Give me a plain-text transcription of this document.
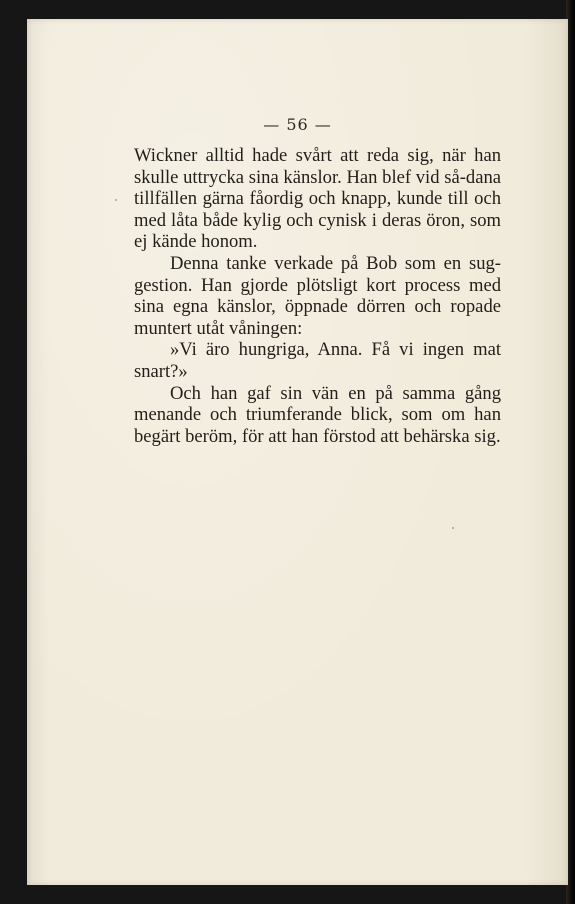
— 56 —

Wickner alltid hade svårt att reda sig, när han skulle uttrycka sina känslor. Han blef vid så-dana tillfällen gärna fåordig och knapp, kunde till och med låta både kylig och cynisk i deras öron, som ej kände honom.

Denna tanke verkade på Bob som en sug-gestion. Han gjorde plötsligt kort process med sina egna känslor, öppnade dörren och ropade muntert utåt våningen:

»Vi äro hungriga, Anna. Få vi ingen mat snart?»

Och han gaf sin vän en på samma gång menande och triumferande blick, som om han begärt beröm, för att han förstod att behärska sig.
